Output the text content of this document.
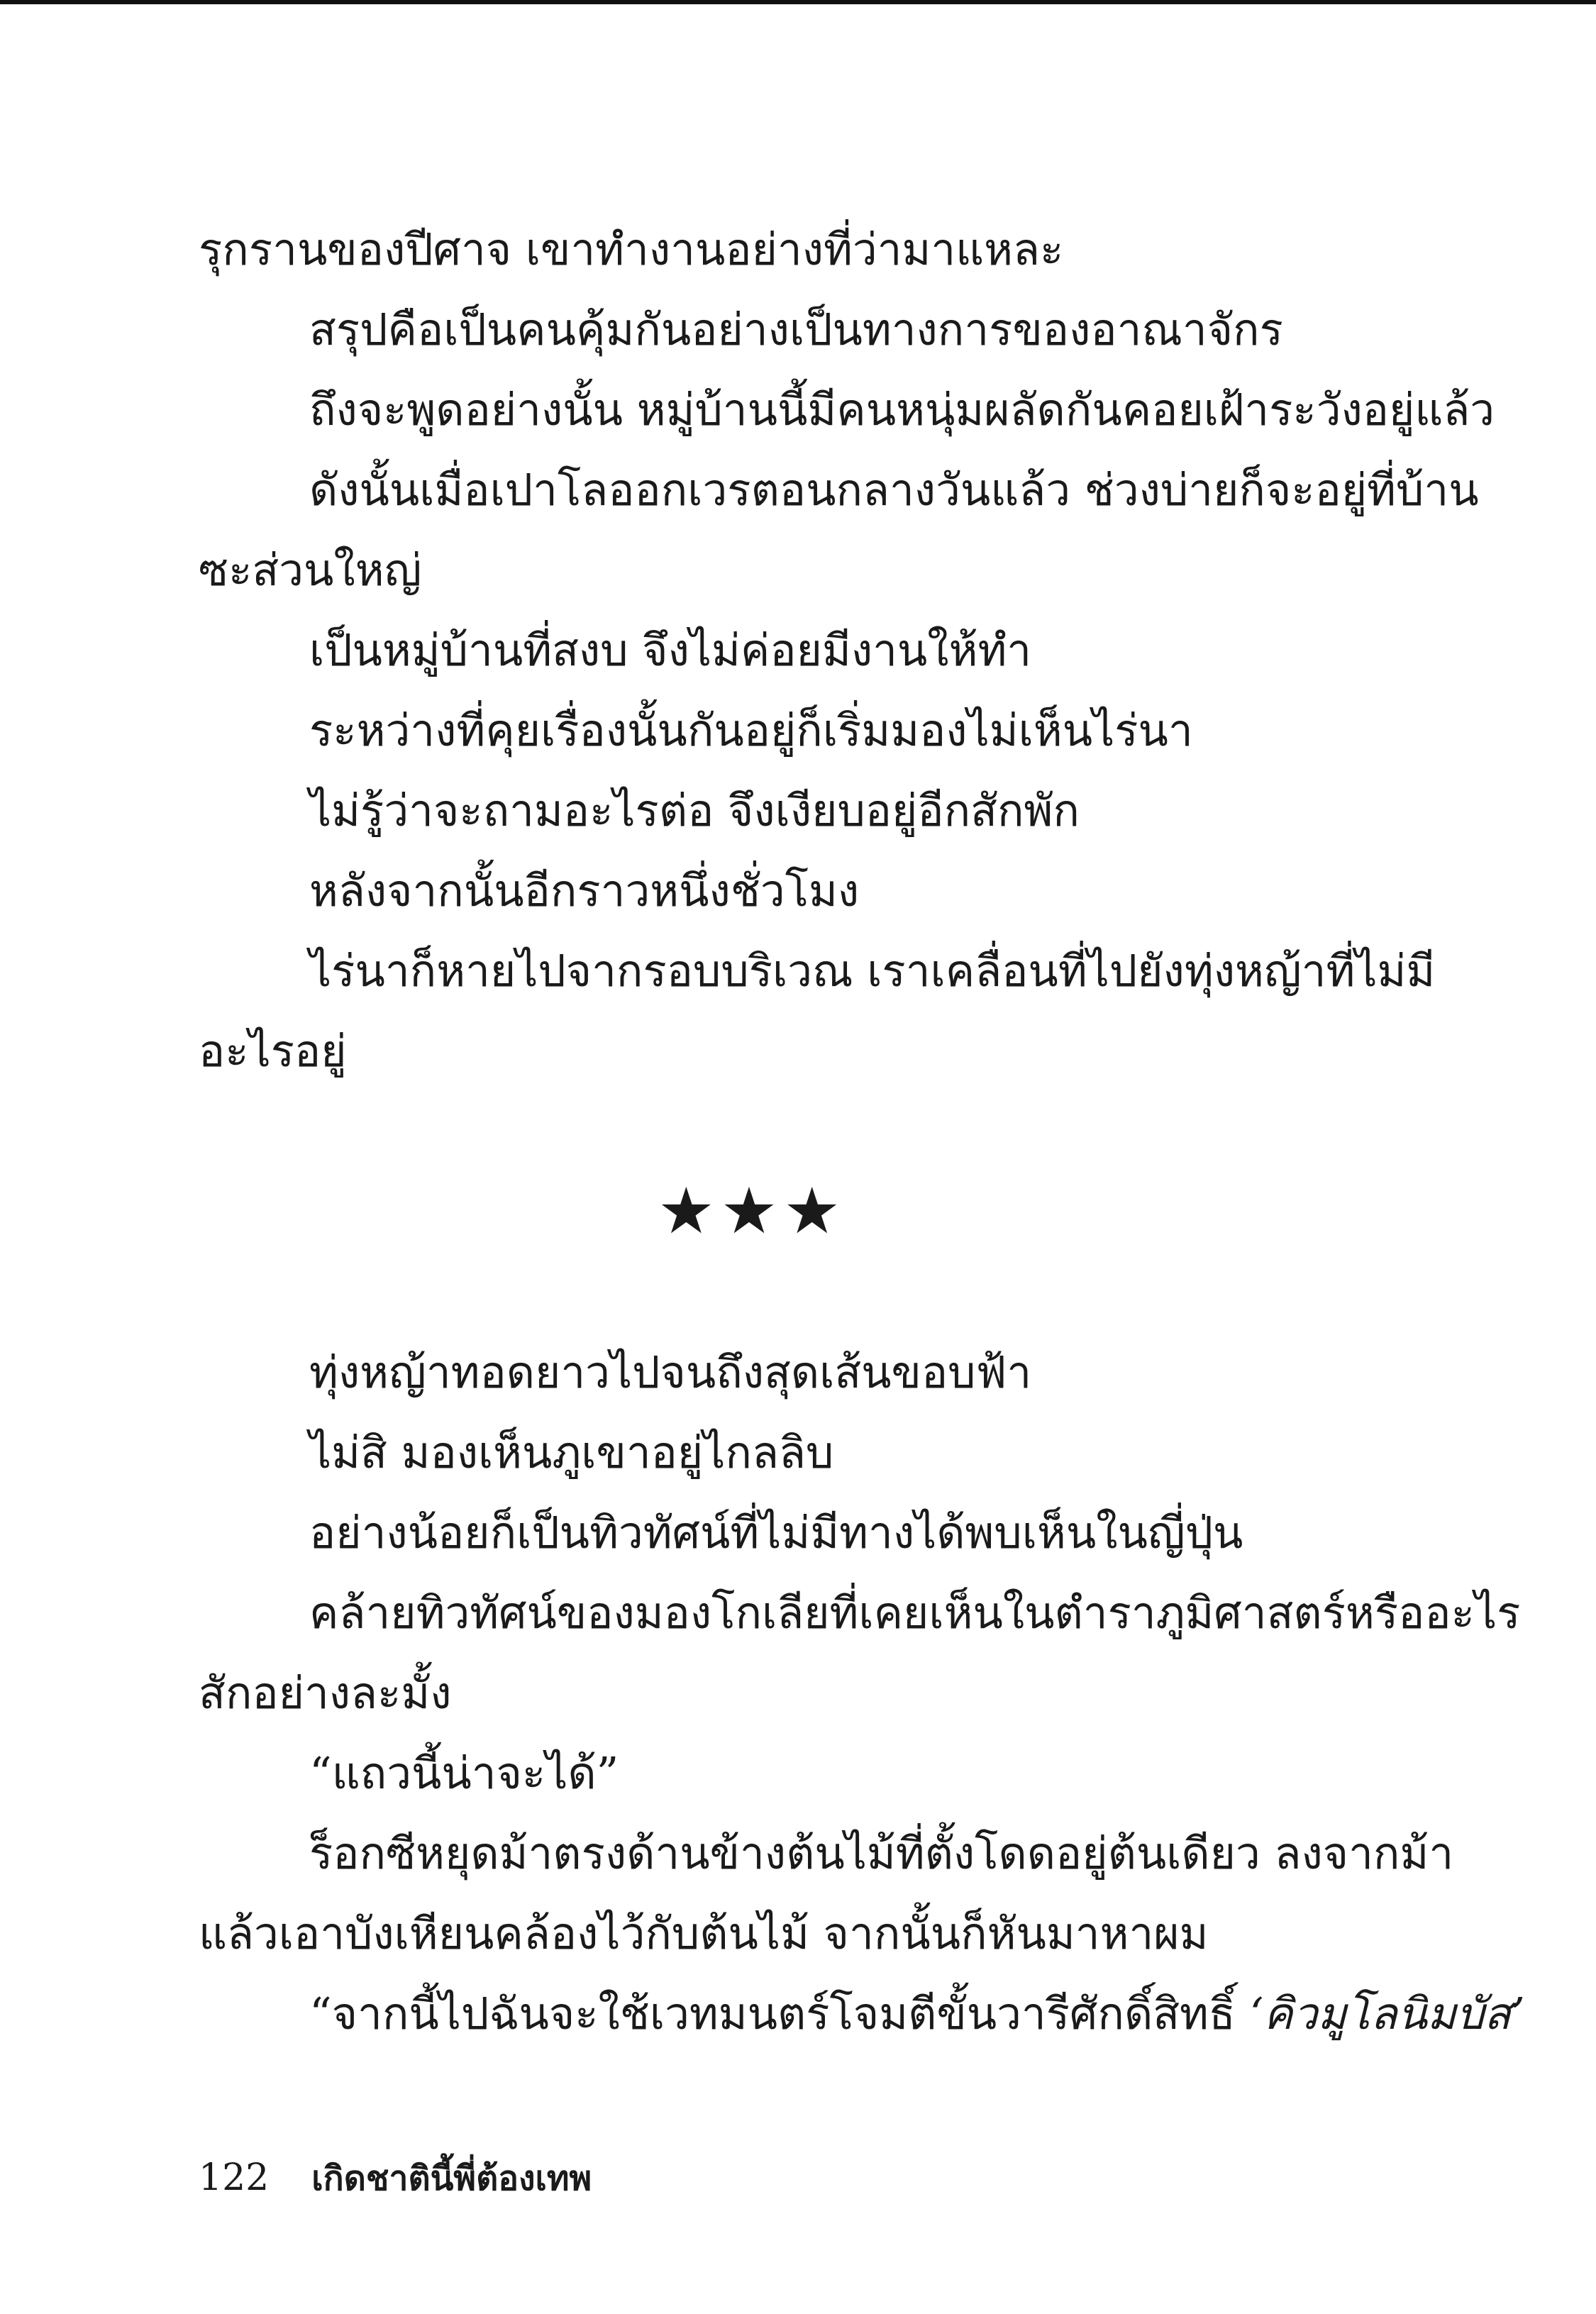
รุกรานของปีศาจ เขาทำงานอย่างที่ว่ามาแหละ
สรุปคือเป็นคนคุ้มกันอย่างเป็นทางการของอาณาจักร
ถึงจะพูดอย่างนั้น หมู่บ้านนี้มีคนหนุ่มผลัดกันคอยเฝ้าระวังอยู่แล้ว
ดังนั้นเมื่อเปาโลออกเวรตอนกลางวันแล้ว ช่วงบ่ายก็จะอยู่ที่บ้าน
ซะส่วนใหญ่
เป็นหมู่บ้านที่สงบ จึงไม่ค่อยมีงานให้ทำ
ระหว่างที่คุยเรื่องนั้นกันอยู่ก็เริ่มมองไม่เห็นไร่นา
ไม่รู้ว่าจะถามอะไรต่อ จึงเงียบอยู่อีกสักพัก
หลังจากนั้นอีกราวหนึ่งชั่วโมง
ไร่นาก็หายไปจากรอบบริเวณ เราเคลื่อนที่ไปยังทุ่งหญ้าที่ไม่มี
อะไรอยู่
★★★
ทุ่งหญ้าทอดยาวไปจนถึงสุดเส้นขอบฟ้า
ไม่สิ มองเห็นภูเขาอยู่ไกลลิบ
อย่างน้อยก็เป็นทิวทัศน์ที่ไม่มีทางได้พบเห็นในญี่ปุ่น
คล้ายทิวทัศน์ของมองโกเลียที่เคยเห็นในตำราภูมิศาสตร์หรืออะไร
สักอย่างละมั้ง
“แถวนี้น่าจะได้”
ร็อกซีหยุดม้าตรงด้านข้างต้นไม้ที่ตั้งโดดอยู่ต้นเดียว ลงจากม้า
แล้วเอาบังเหียนคล้องไว้กับต้นไม้ จากนั้นก็หันมาหาผม
“จากนี้ไปฉันจะใช้เวทมนตร์โจมตีขั้นวารีศักดิ์สิทธิ์ ‘คิวมูโลนิมบัส’
122 เกิดชาตินี้พี่ต้องเทพ
